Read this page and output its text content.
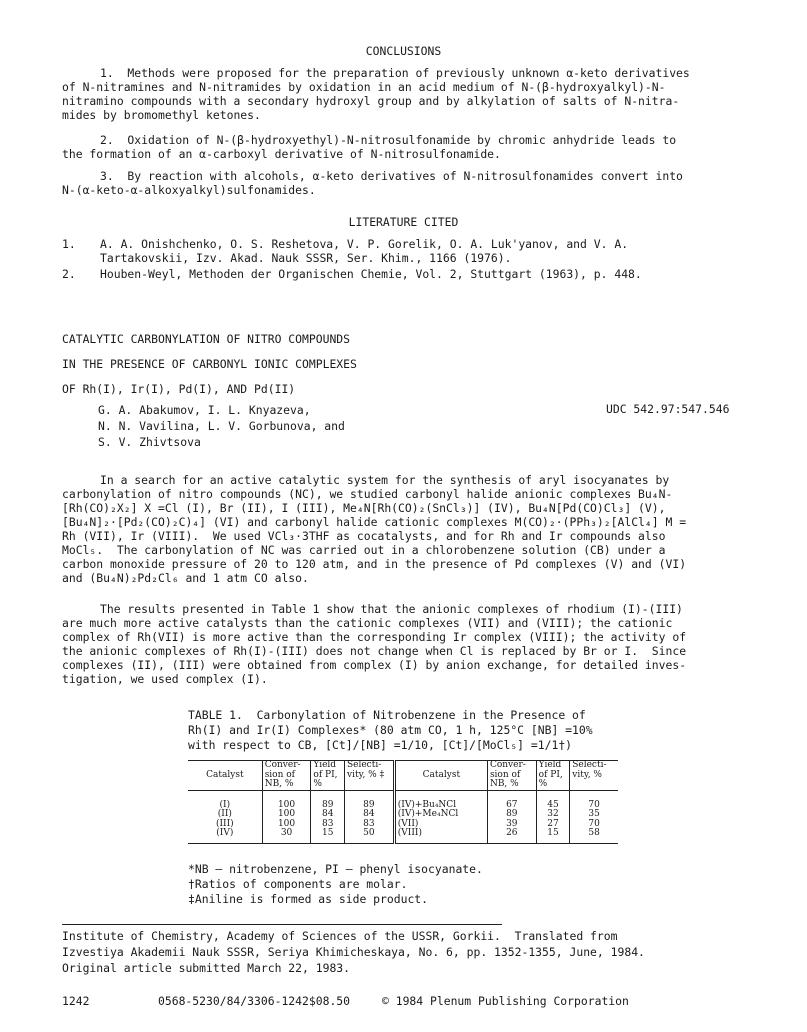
CONCLUSIONS
1.  Methods were proposed for the preparation of previously unknown α-keto derivatives
of N-nitramines and N-nitramides by oxidation in an acid medium of N-(β-hydroxyalkyl)-N-
nitramino compounds with a secondary hydroxyl group and by alkylation of salts of N-nitra-
mides by bromomethyl ketones.
2.  Oxidation of N-(β-hydroxyethyl)-N-nitrosulfonamide by chromic anhydride leads to
the formation of an α-carboxyl derivative of N-nitrosulfonamide.
3.  By reaction with alcohols, α-keto derivatives of N-nitrosulfonamides convert into
N-(α-keto-α-alkoxyalkyl)sulfonamides.
LITERATURE CITED
1. A. A. Onishchenko, O. S. Reshetova, V. P. Gorelik, O. A. Luk'yanov, and V. A.
Tartakovskii, Izv. Akad. Nauk SSSR, Ser. Khim., 1166 (1976).
2. Houben-Weyl, Methoden der Organischen Chemie, Vol. 2, Stuttgart (1963), p. 448.
CATALYTIC CARBONYLATION OF NITRO COMPOUNDS
IN THE PRESENCE OF CARBONYL IONIC COMPLEXES
OF Rh(I), Ir(I), Pd(I), AND Pd(II)
G. A. Abakumov, I. L. Knyazeva,
N. N. Vavilina, L. V. Gorbunova, and
S. V. Zhivtsova
UDC 542.97:547.546
In a search for an active catalytic system for the synthesis of aryl isocyanates by
carbonylation of nitro compounds (NC), we studied carbonyl halide anionic complexes Bu₄N-
[Rh(CO)₂X₂] X =Cl (I), Br (II), I (III), Me₄N[Rh(CO)₂(SnCl₃)] (IV), Bu₄N[Pd(CO)Cl₃] (V),
[Bu₄N]₂·[Pd₂(CO)₂C)₄] (VI) and carbonyl halide cationic complexes M(CO)₂·(PPh₃)₂[AlCl₄] M =
Rh (VII), Ir (VIII).  We used VCl₃·3THF as cocatalysts, and for Rh and Ir compounds also
MoCl₅.  The carbonylation of NC was carried out in a chlorobenzene solution (CB) under a
carbon monoxide pressure of 20 to 120 atm, and in the presence of Pd complexes (V) and (VI)
and (Bu₄N)₂Pd₂Cl₆ and 1 atm CO also.
The results presented in Table 1 show that the anionic complexes of rhodium (I)-(III)
are much more active catalysts than the cationic complexes (VII) and (VIII); the cationic
complex of Rh(VII) is more active than the corresponding Ir complex (VIII); the activity of
the anionic complexes of Rh(I)-(III) does not change when Cl is replaced by Br or I.  Since
complexes (II), (III) were obtained from complex (I) by anion exchange, for detailed inves-
tigation, we used complex (I).
TABLE 1.  Carbonylation of Nitrobenzene in the Presence of
Rh(I) and Ir(I) Complexes* (80 atm CO, 1 h, 125°C [NB] =10%
with respect to CB, [Ct]/[NB] =1/10, [Ct]/[MoCl₅] =1/1†)
Catalyst	Conver-sion of NB, %	Yield of PI, %	Selecti-vity, % ‡	Catalyst	Conver-sion of NB, %	Yield of PI, %	Selecti-vity, %
(I)	100	89	89	(IV)+Bu₄NCl	67	45	70
(II)	100	84	84	(IV)+Me₄NCl	89	32	35
(III)	100	83	83	(VII)	39	27	70
(IV)	30	15	50	(VIII)	26	15	58
*NB — nitrobenzene, PI — phenyl isocyanate.
†Ratios of components are molar.
‡Aniline is formed as side product.
Institute of Chemistry, Academy of Sciences of the USSR, Gorkii.  Translated from
Izvestiya Akademii Nauk SSSR, Seriya Khimicheskaya, No. 6, pp. 1352-1355, June, 1984.
Original article submitted March 22, 1983.
1242	0568-5230/84/3306-1242$08.50	© 1984 Plenum Publishing Corporation
